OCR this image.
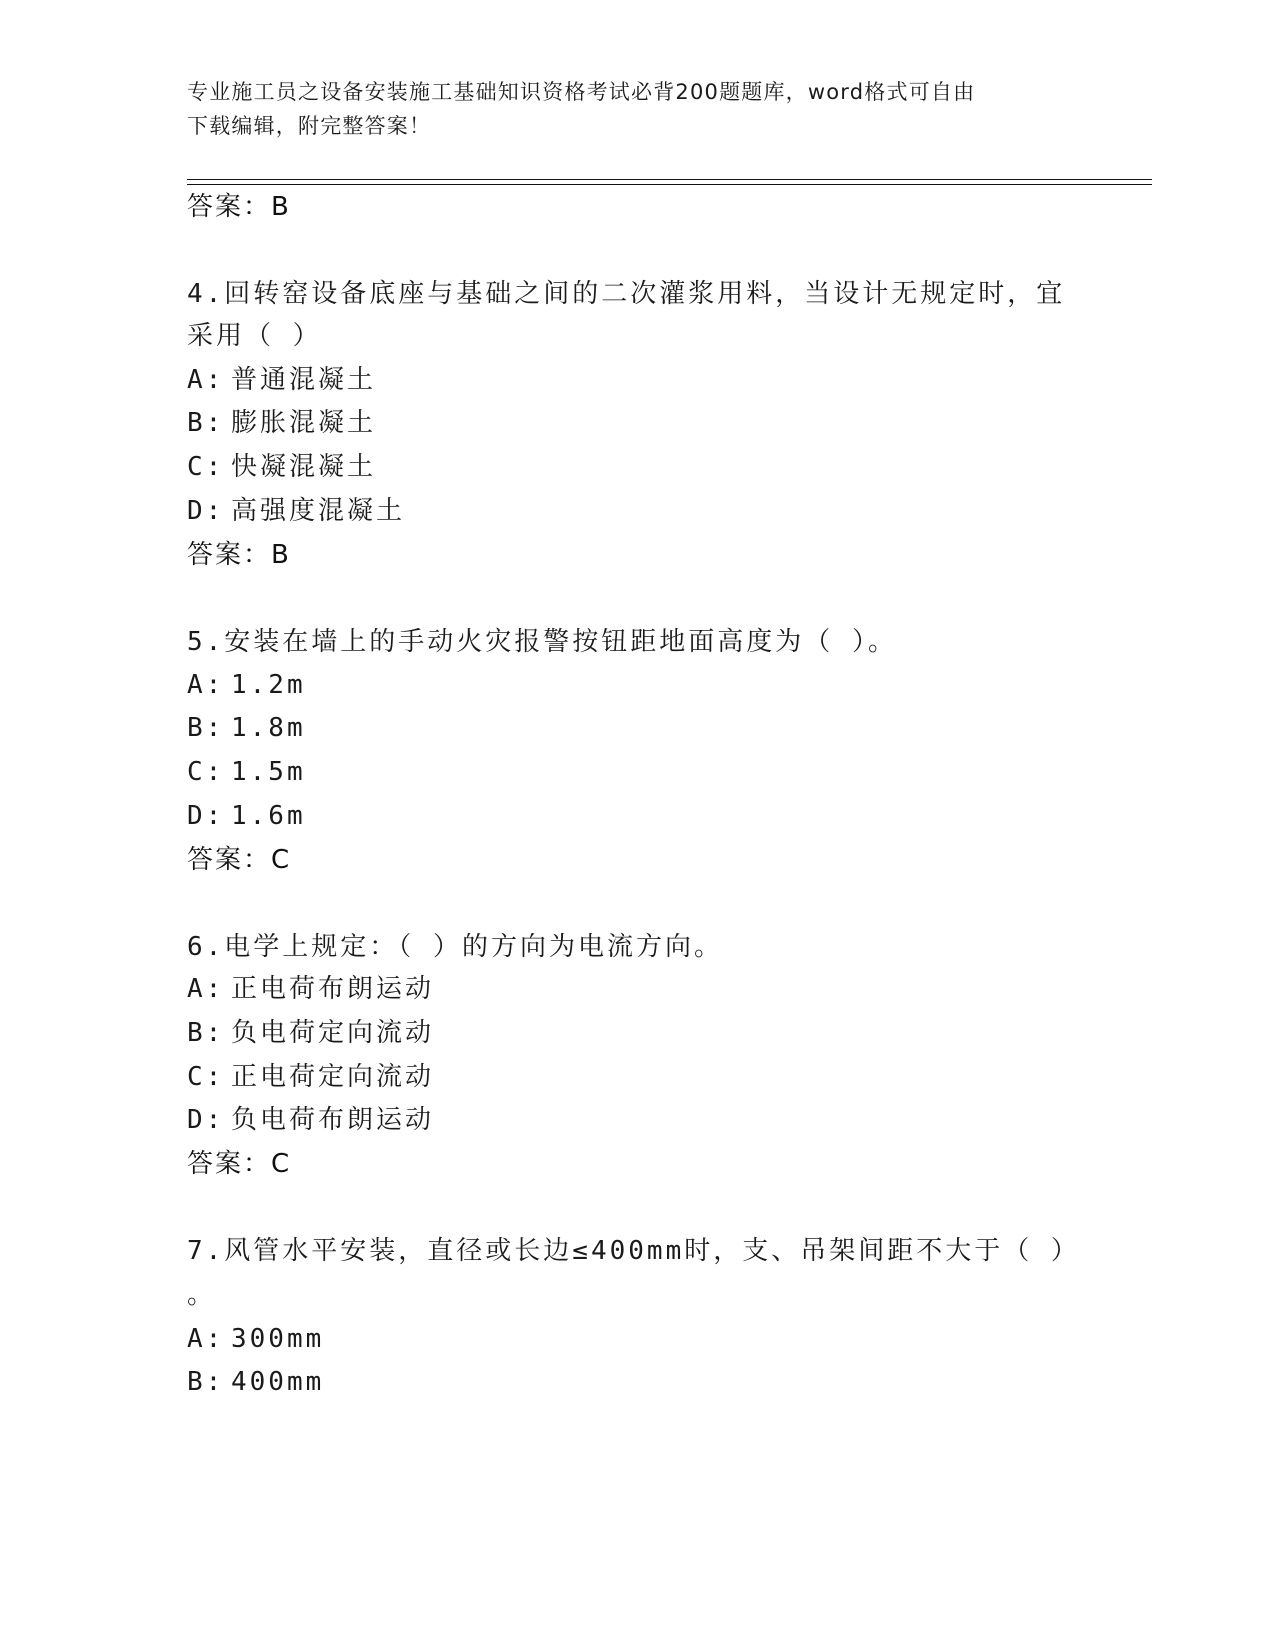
专业施工员之设备安装施工基础知识资格考试必背200题题库，word格式可自由
下载编辑，附完整答案！
答案：B
4.回转窑设备底座与基础之间的二次灌浆用料，当设计无规定时，宜
采用（ ）
A: 普通混凝土
B: 膨胀混凝土
C: 快凝混凝土
D: 高强度混凝土
答案：B
5.安装在墙上的手动火灾报警按钮距地面高度为（ ）。
A: 1.2m
B: 1.8m
C: 1.5m
D: 1.6m
答案：C
6.电学上规定：（ ）的方向为电流方向。
A: 正电荷布朗运动
B: 负电荷定向流动
C: 正电荷定向流动
D: 负电荷布朗运动
答案：C
7.风管水平安装，直径或长边≤400mm时，支、吊架间距不大于（ ）
。
A: 300mm
B: 400mm
